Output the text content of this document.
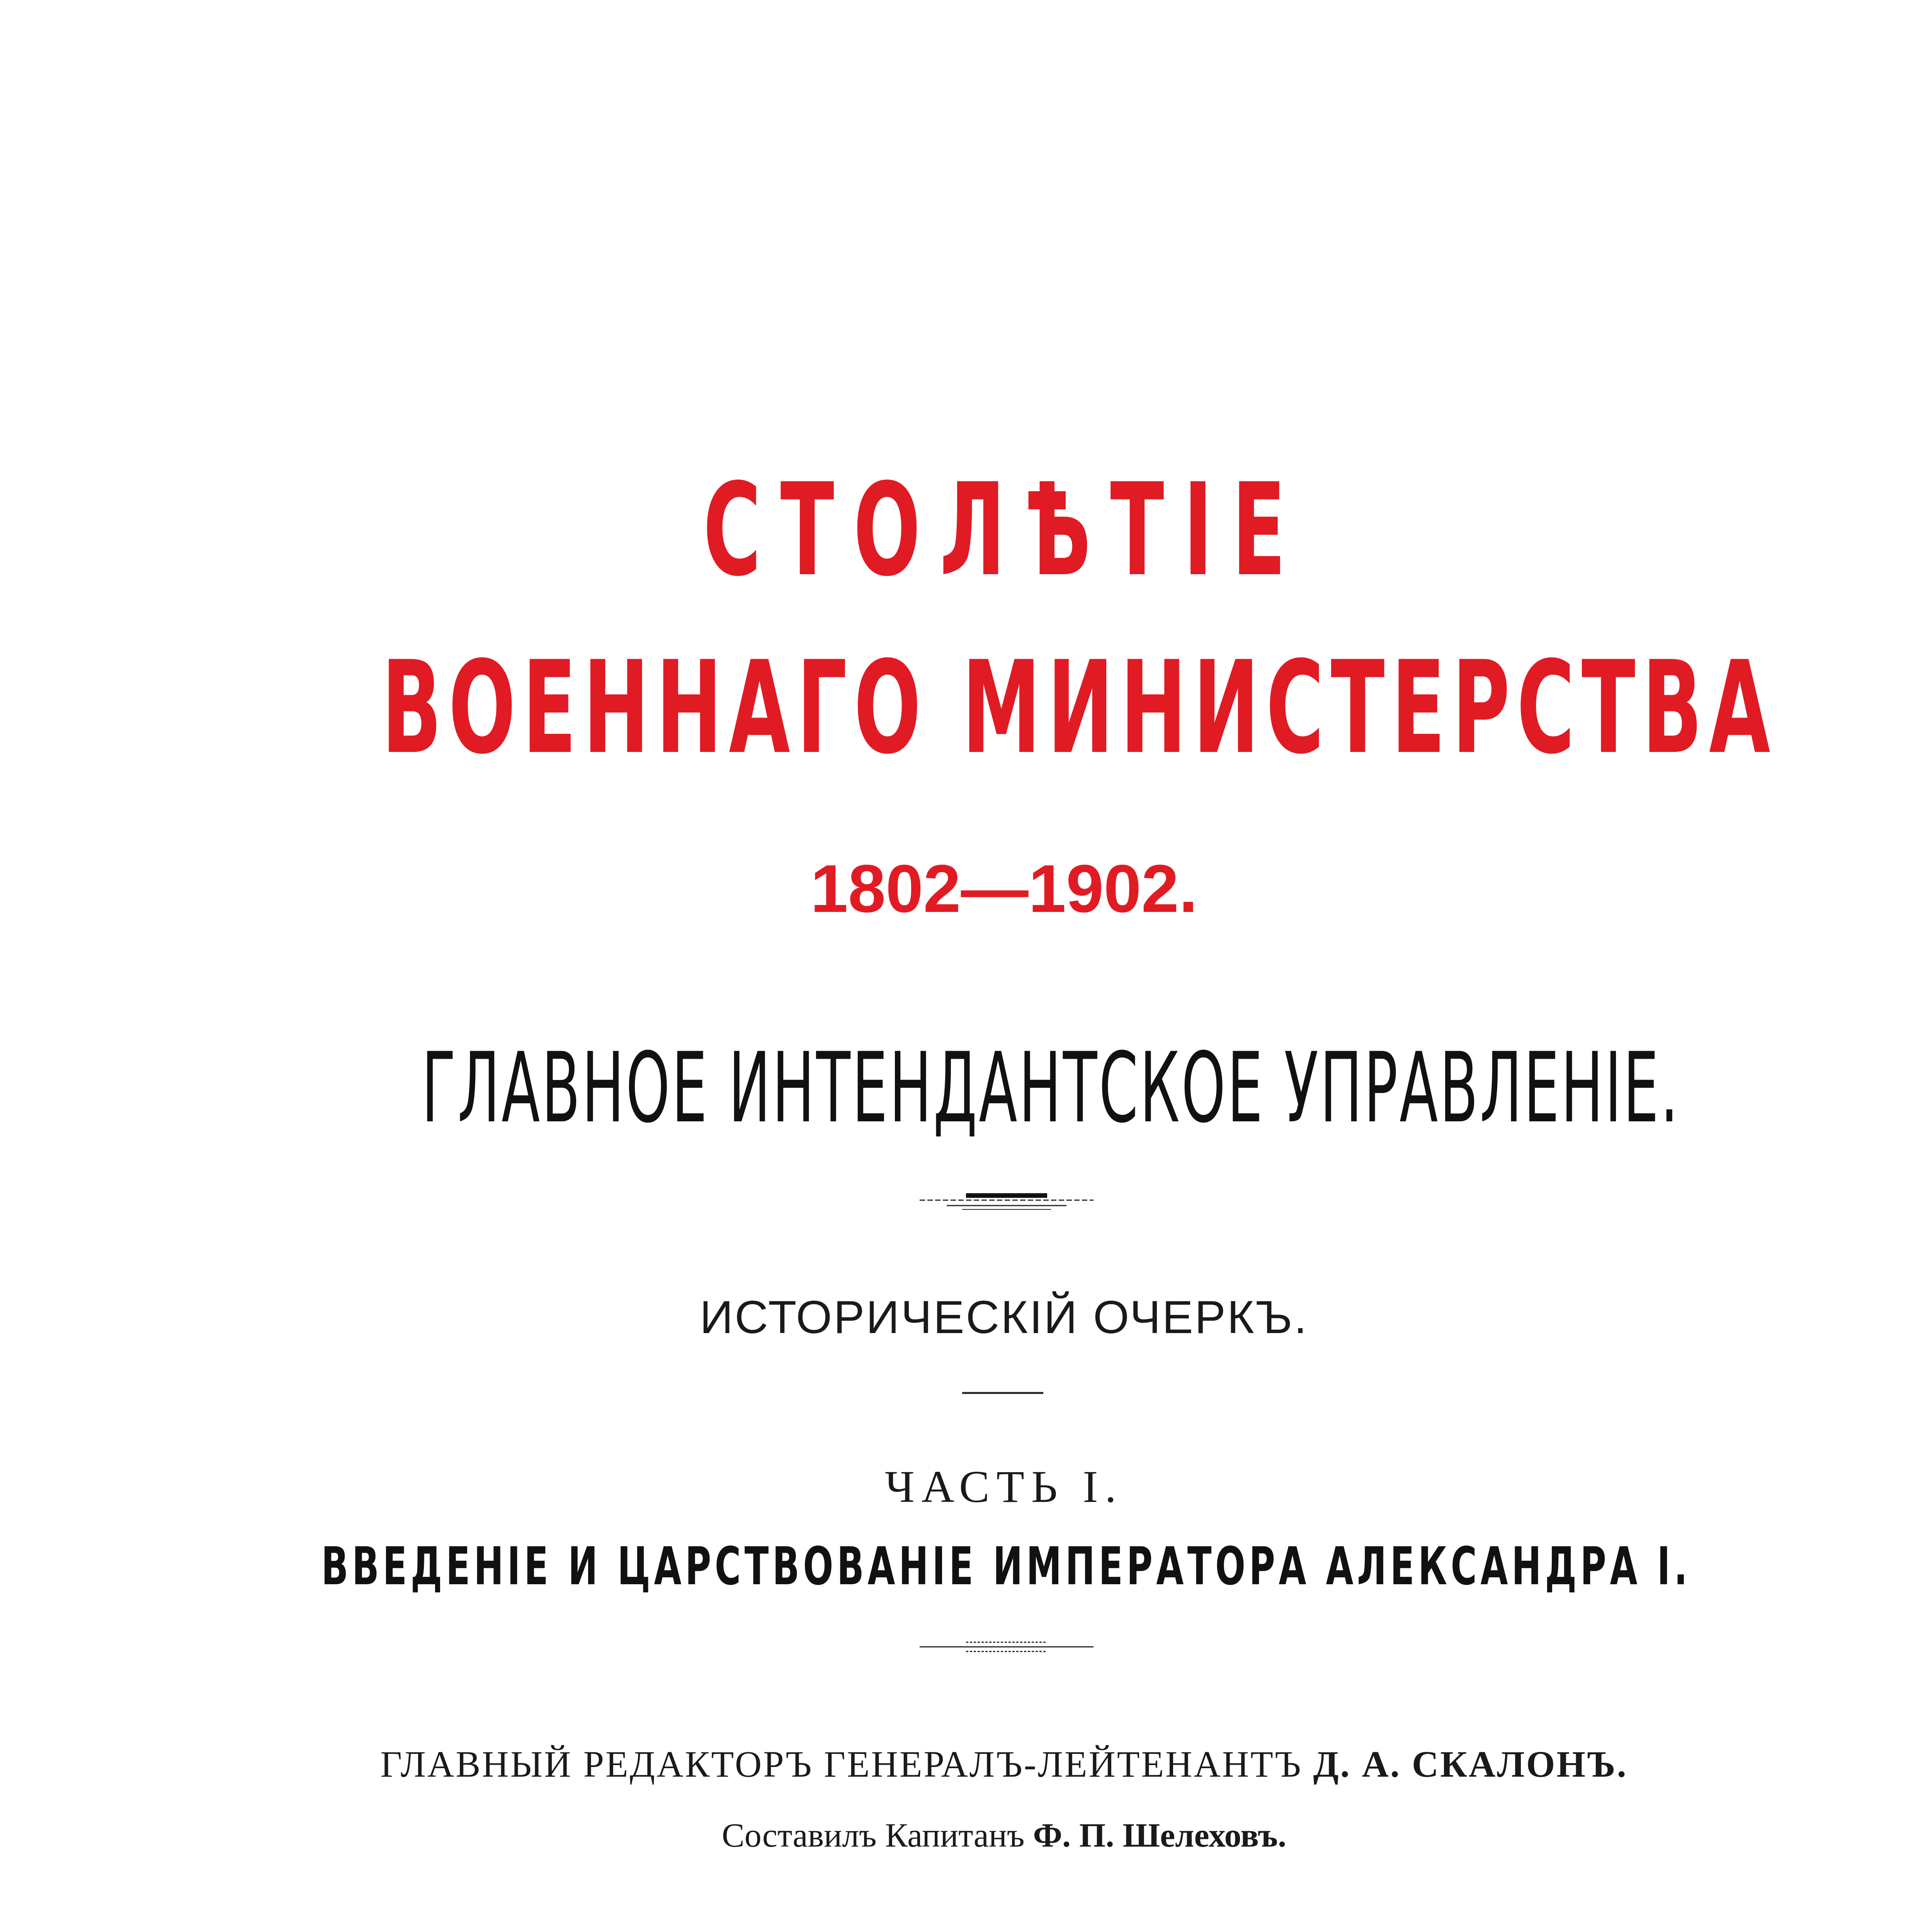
СТОЛѢТІЕ
ВОЕННАГО МИНИСТЕРСТВА
1802—1902.
ГЛАВНОЕ ИНТЕНДАНТСКОЕ УПРАВЛЕНІЕ.
ИСТОРИЧЕСКІЙ ОЧЕРКЪ.
ЧАСТЬ I.
ВВЕДЕНІЕ И ЦАРСТВОВАНІЕ ИМПЕРАТОРА АЛЕКСАНДРА I.
ГЛАВНЫЙ РЕДАКТОРЪ ГЕНЕРАЛЪ-ЛЕЙТЕНАНТЪ Д. А. СКАЛОНЪ.
Составилъ Капитанъ Ф. П. Шелеховъ.
